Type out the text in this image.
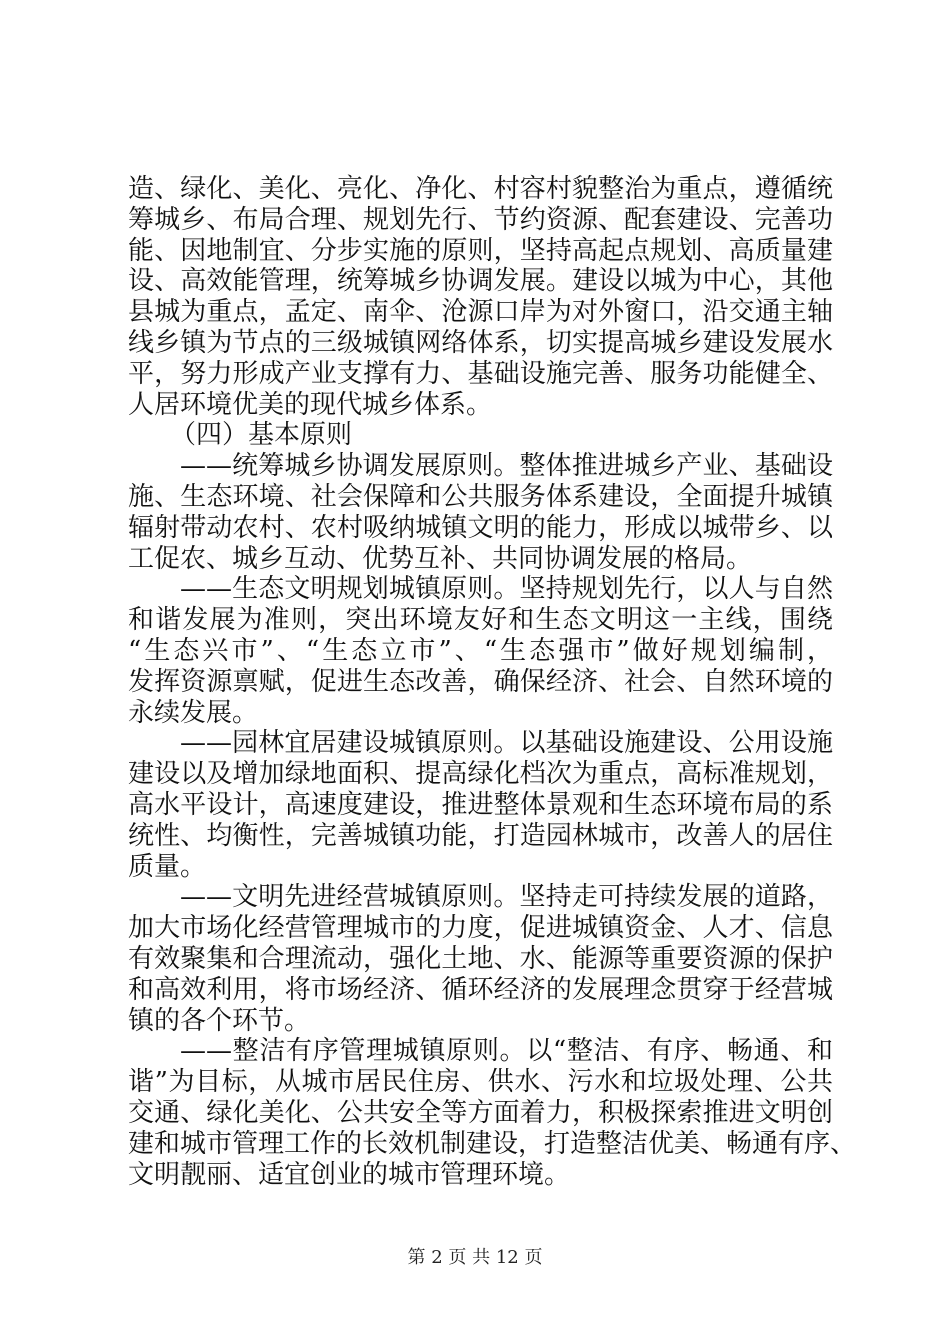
造、绿化、美化、亮化、净化、村容村貌整治为重点，遵循统
筹城乡、布局合理、规划先行、节约资源、配套建设、完善功
能、因地制宜、分步实施的原则，坚持高起点规划、高质量建
设、高效能管理，统筹城乡协调发展。建设以城为中心，其他
县城为重点，孟定、南伞、沧源口岸为对外窗口，沿交通主轴
线乡镇为节点的三级城镇网络体系，切实提高城乡建设发展水
平，努力形成产业支撑有力、基础设施完善、服务功能健全、
人居环境优美的现代城乡体系。
（四）基本原则
——统筹城乡协调发展原则。整体推进城乡产业、基础设
施、生态环境、社会保障和公共服务体系建设，全面提升城镇
辐射带动农村、农村吸纳城镇文明的能力，形成以城带乡、以
工促农、城乡互动、优势互补、共同协调发展的格局。
——生态文明规划城镇原则。坚持规划先行，以人与自然
和谐发展为准则，突出环境友好和生态文明这一主线，围绕
“生态兴市”、“生态立市”、“生态强市”做好规划编制，
发挥资源禀赋，促进生态改善，确保经济、社会、自然环境的
永续发展。
——园林宜居建设城镇原则。以基础设施建设、公用设施
建设以及增加绿地面积、提高绿化档次为重点，高标准规划，
高水平设计，高速度建设，推进整体景观和生态环境布局的系
统性、均衡性，完善城镇功能，打造园林城市，改善人的居住
质量。
——文明先进经营城镇原则。坚持走可持续发展的道路，
加大市场化经营管理城市的力度，促进城镇资金、人才、信息
有效聚集和合理流动，强化土地、水、能源等重要资源的保护
和高效利用，将市场经济、循环经济的发展理念贯穿于经营城
镇的各个环节。
——整洁有序管理城镇原则。以“整洁、有序、畅通、和
谐”为目标，从城市居民住房、供水、污水和垃圾处理、公共
交通、绿化美化、公共安全等方面着力，积极探索推进文明创
建和城市管理工作的长效机制建设，打造整洁优美、畅通有序、
文明靓丽、适宜创业的城市管理环境。
第 2 页 共 12 页
